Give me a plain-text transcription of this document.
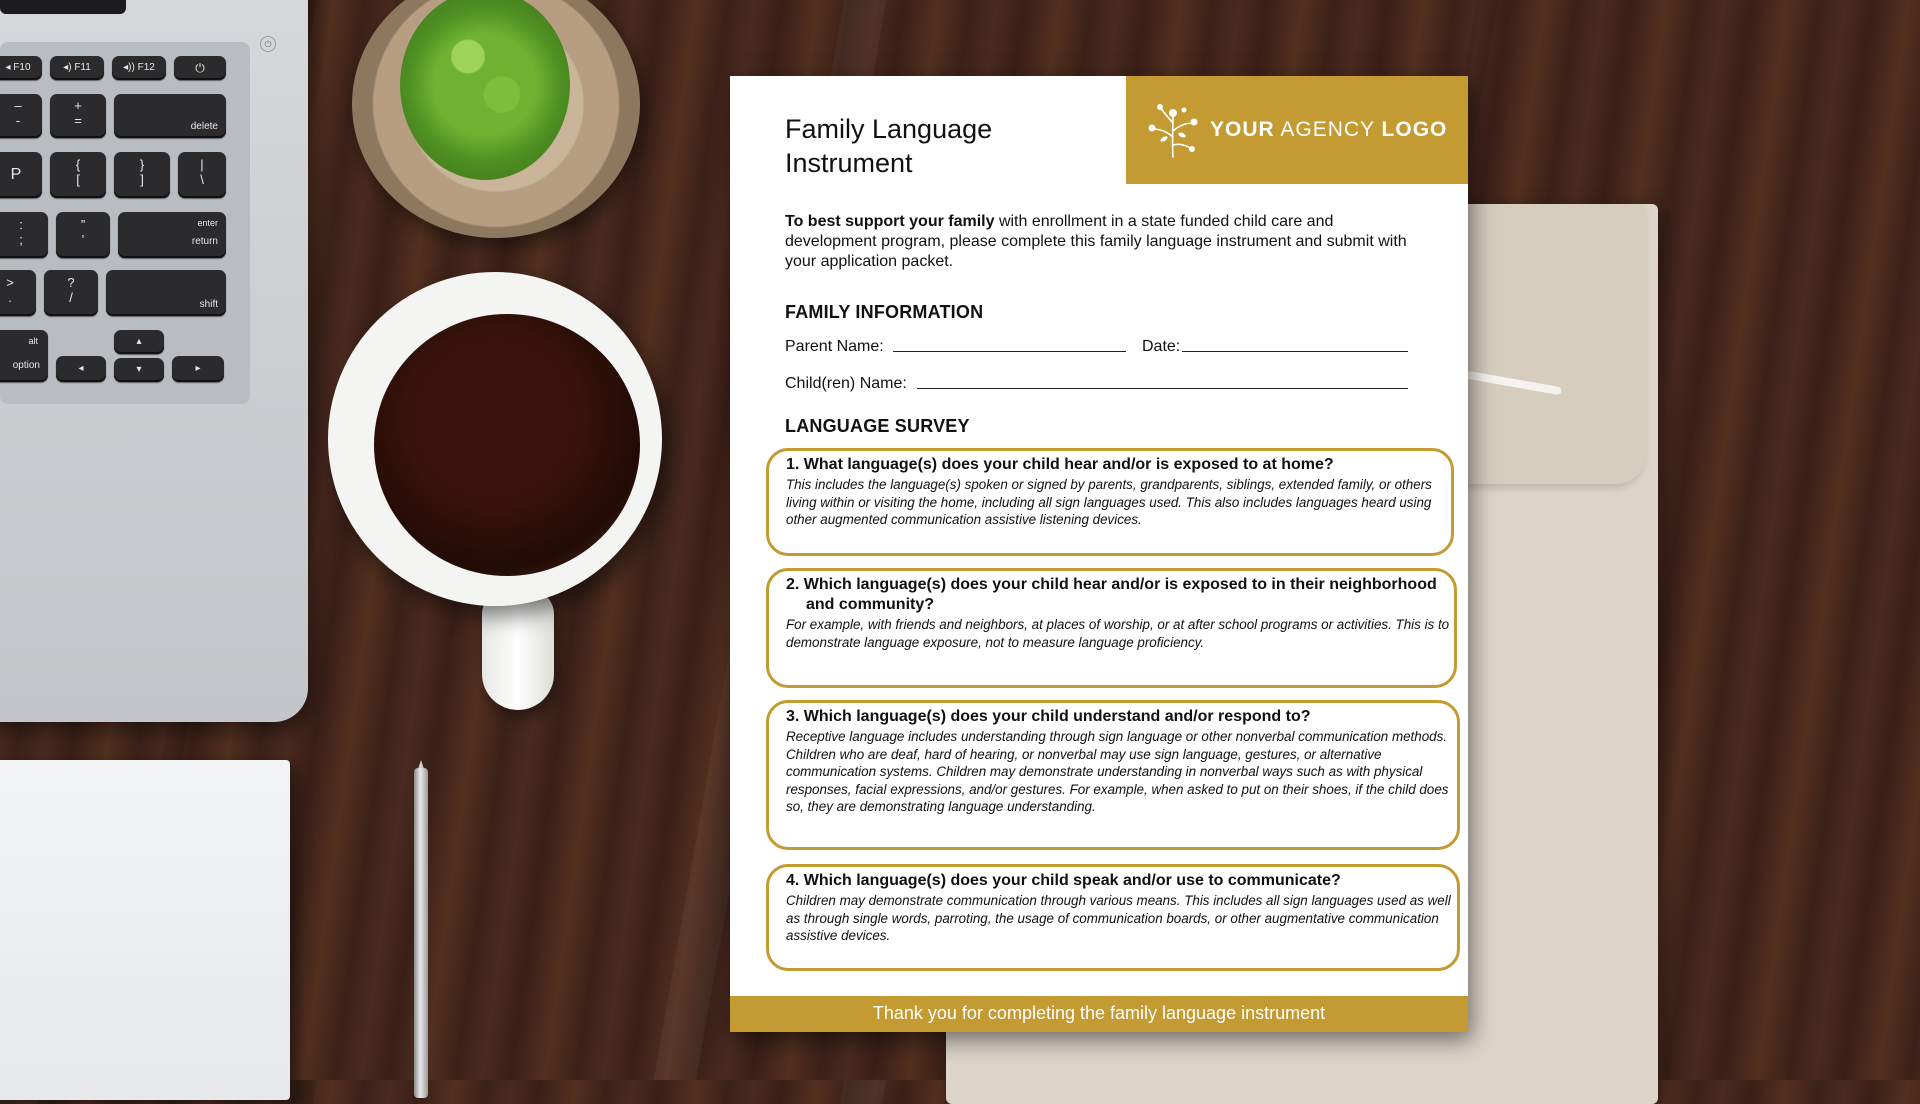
⏻
◂ F10	◂) F11	◂)) F12	⏻
–
-
+
=	delete
P
{
[
}
]
|
\
:
;
”
’
enter
return
>
.
?
/	shift
alt
option	◂
▴
▾	▸
Family Language Instrument
YOUR AGENCY LOGO
To best support your family with enrollment in a state funded child care and development program, please complete this family language instrument and submit with your application packet.
FAMILY INFORMATION
Parent Name:	Date:
Child(ren) Name:
LANGUAGE SURVEY
1. What language(s) does your child hear and/or is exposed to at home?
This includes the language(s) spoken or signed by parents, grandparents, siblings, extended family, or others living within or visiting the home, including all sign languages used. This also includes languages heard using other augmented communication assistive listening devices.
2. Which language(s) does your child hear and/or is exposed to in their neighborhood and community?
For example, with friends and neighbors, at places of worship, or at after school programs or activities. This is to demonstrate language exposure, not to measure language proficiency.
3. Which language(s) does your child understand and/or respond to?
Receptive language includes understanding through sign language or other nonverbal communication methods. Children who are deaf, hard of hearing, or nonverbal may use sign language, gestures, or alternative communication systems. Children may demonstrate understanding in nonverbal ways such as with physical responses, facial expressions, and/or gestures. For example, when asked to put on their shoes, if the child does so, they are demonstrating language understanding.
4. Which language(s) does your child speak and/or use to communicate?
Children may demonstrate communication through various means. This includes all sign languages used as well as through single words, parroting, the usage of communication boards, or other augmentative communication assistive devices.
Thank you for completing the family language instrument
